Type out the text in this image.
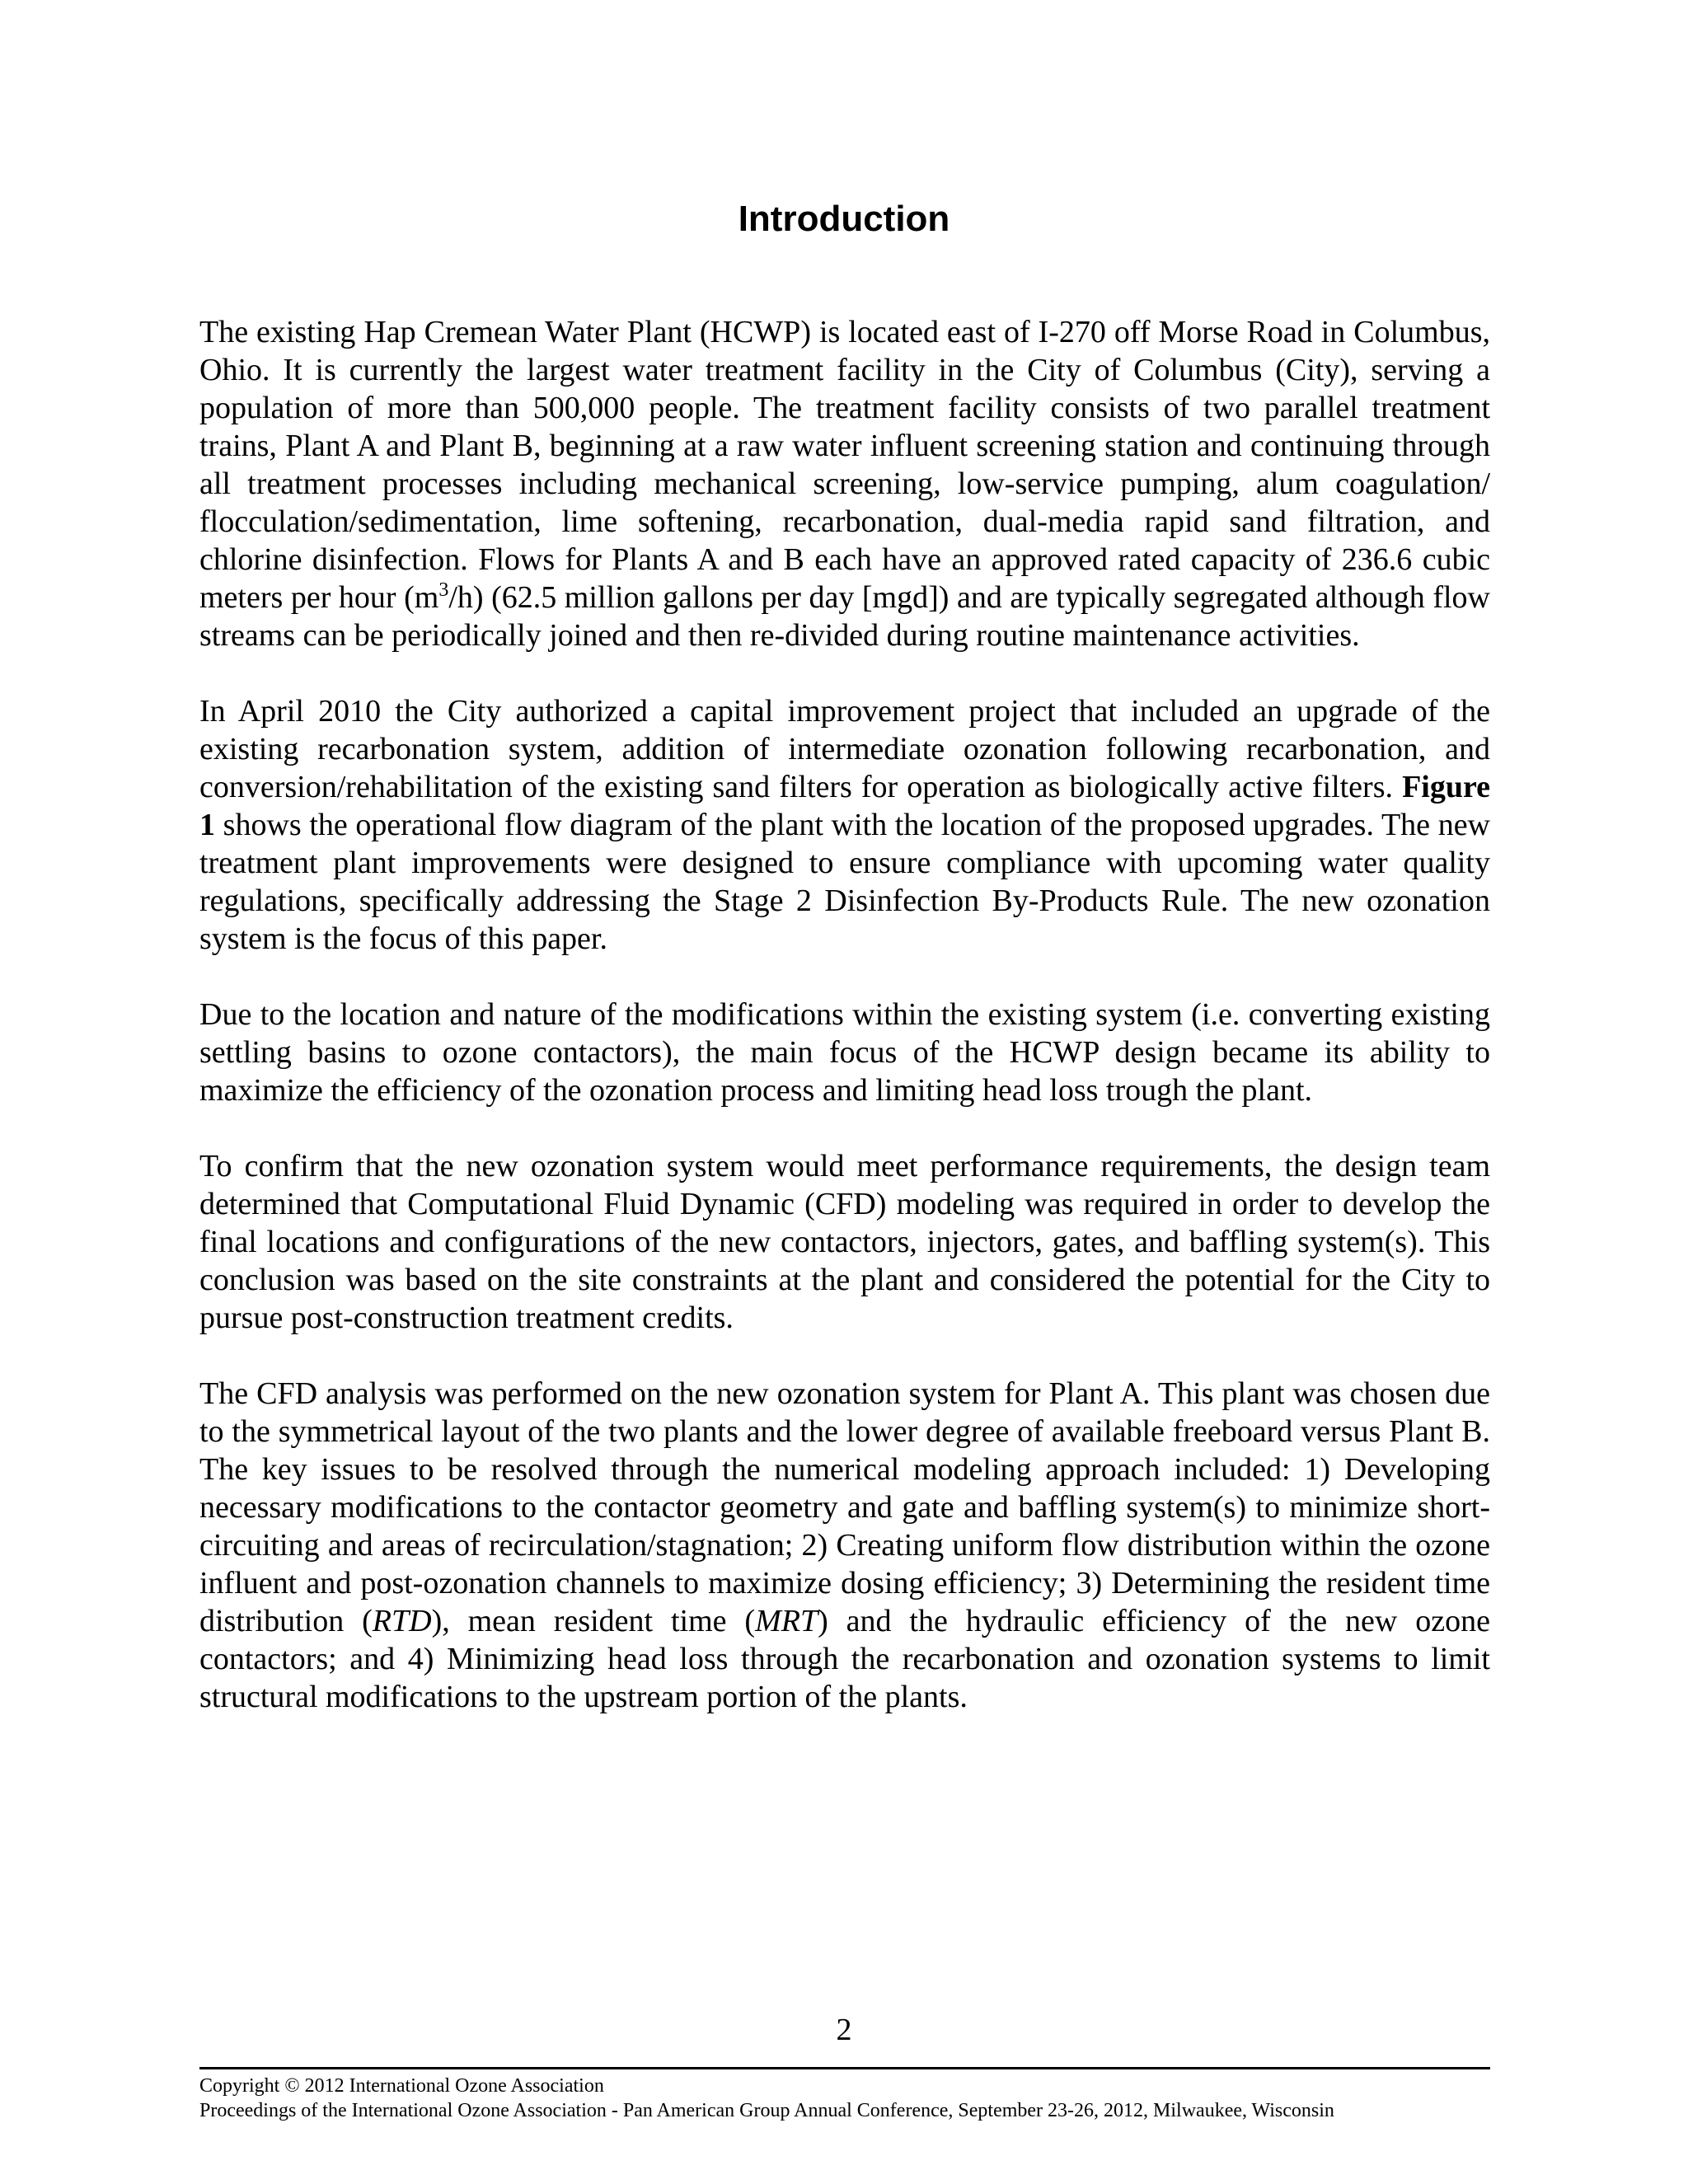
Introduction

The existing Hap Cremean Water Plant (HCWP) is located east of I-270 off Morse Road in Columbus, Ohio. It is currently the largest water treatment facility in the City of Columbus (City), serving a population of more than 500,000 people. The treatment facility consists of two parallel treatment trains, Plant A and Plant B, beginning at a raw water influent screening station and continuing through all treatment processes including mechanical screening, low-service pumping, alum coagulation/ flocculation/sedimentation, lime softening, recarbonation, dual-media rapid sand filtration, and chlorine disinfection. Flows for Plants A and B each have an approved rated capacity of 236.6 cubic meters per hour $(m^3/h)$ (62.5 million gallons per day [mgd]) and are typically segregated although flow streams can be periodically joined and then re-divided during routine maintenance activities.

In April 2010 the City authorized a capital improvement project that included an upgrade of the existing recarbonation system, addition of intermediate ozonation following recarbonation, and conversion/rehabilitation of the existing sand filters for operation as biologically active filters. Figure 1 shows the operational flow diagram of the plant with the location of the proposed upgrades. The new treatment plant improvements were designed to ensure compliance with upcoming water quality regulations, specifically addressing the Stage 2 Disinfection By-Products Rule. The new ozonation system is the focus of this paper.

Due to the location and nature of the modifications within the existing system (i.e. converting existing settling basins to ozone contactors), the main focus of the HCWP design became its ability to maximize the efficiency of the ozonation process and limiting head loss trough the plant.

To confirm that the new ozonation system would meet performance requirements, the design team determined that Computational Fluid Dynamic (CFD) modeling was required in order to develop the final locations and configurations of the new contactors, injectors, gates, and baffling system(s). This conclusion was based on the site constraints at the plant and considered the potential for the City to pursue post-construction treatment credits.

The CFD analysis was performed on the new ozonation system for Plant A. This plant was chosen due to the symmetrical layout of the two plants and the lower degree of available freeboard versus Plant B. The key issues to be resolved through the numerical modeling approach included: 1) Developing necessary modifications to the contactor geometry and gate and baffling system(s) to minimize short-circuiting and areas of recirculation/stagnation; 2) Creating uniform flow distribution within the ozone influent and post-ozonation channels to maximize dosing efficiency; 3) Determining the resident time distribution (RTD), mean resident time (MRT) and the hydraulic efficiency of the new ozone contactors; and 4) Minimizing head loss through the recarbonation and ozonation systems to limit structural modifications to the upstream portion of the plants.

2
Copyright © 2012 International Ozone Association
Proceedings of the International Ozone Association - Pan American Group Annual Conference, September 23-26, 2012, Milwaukee, Wisconsin
